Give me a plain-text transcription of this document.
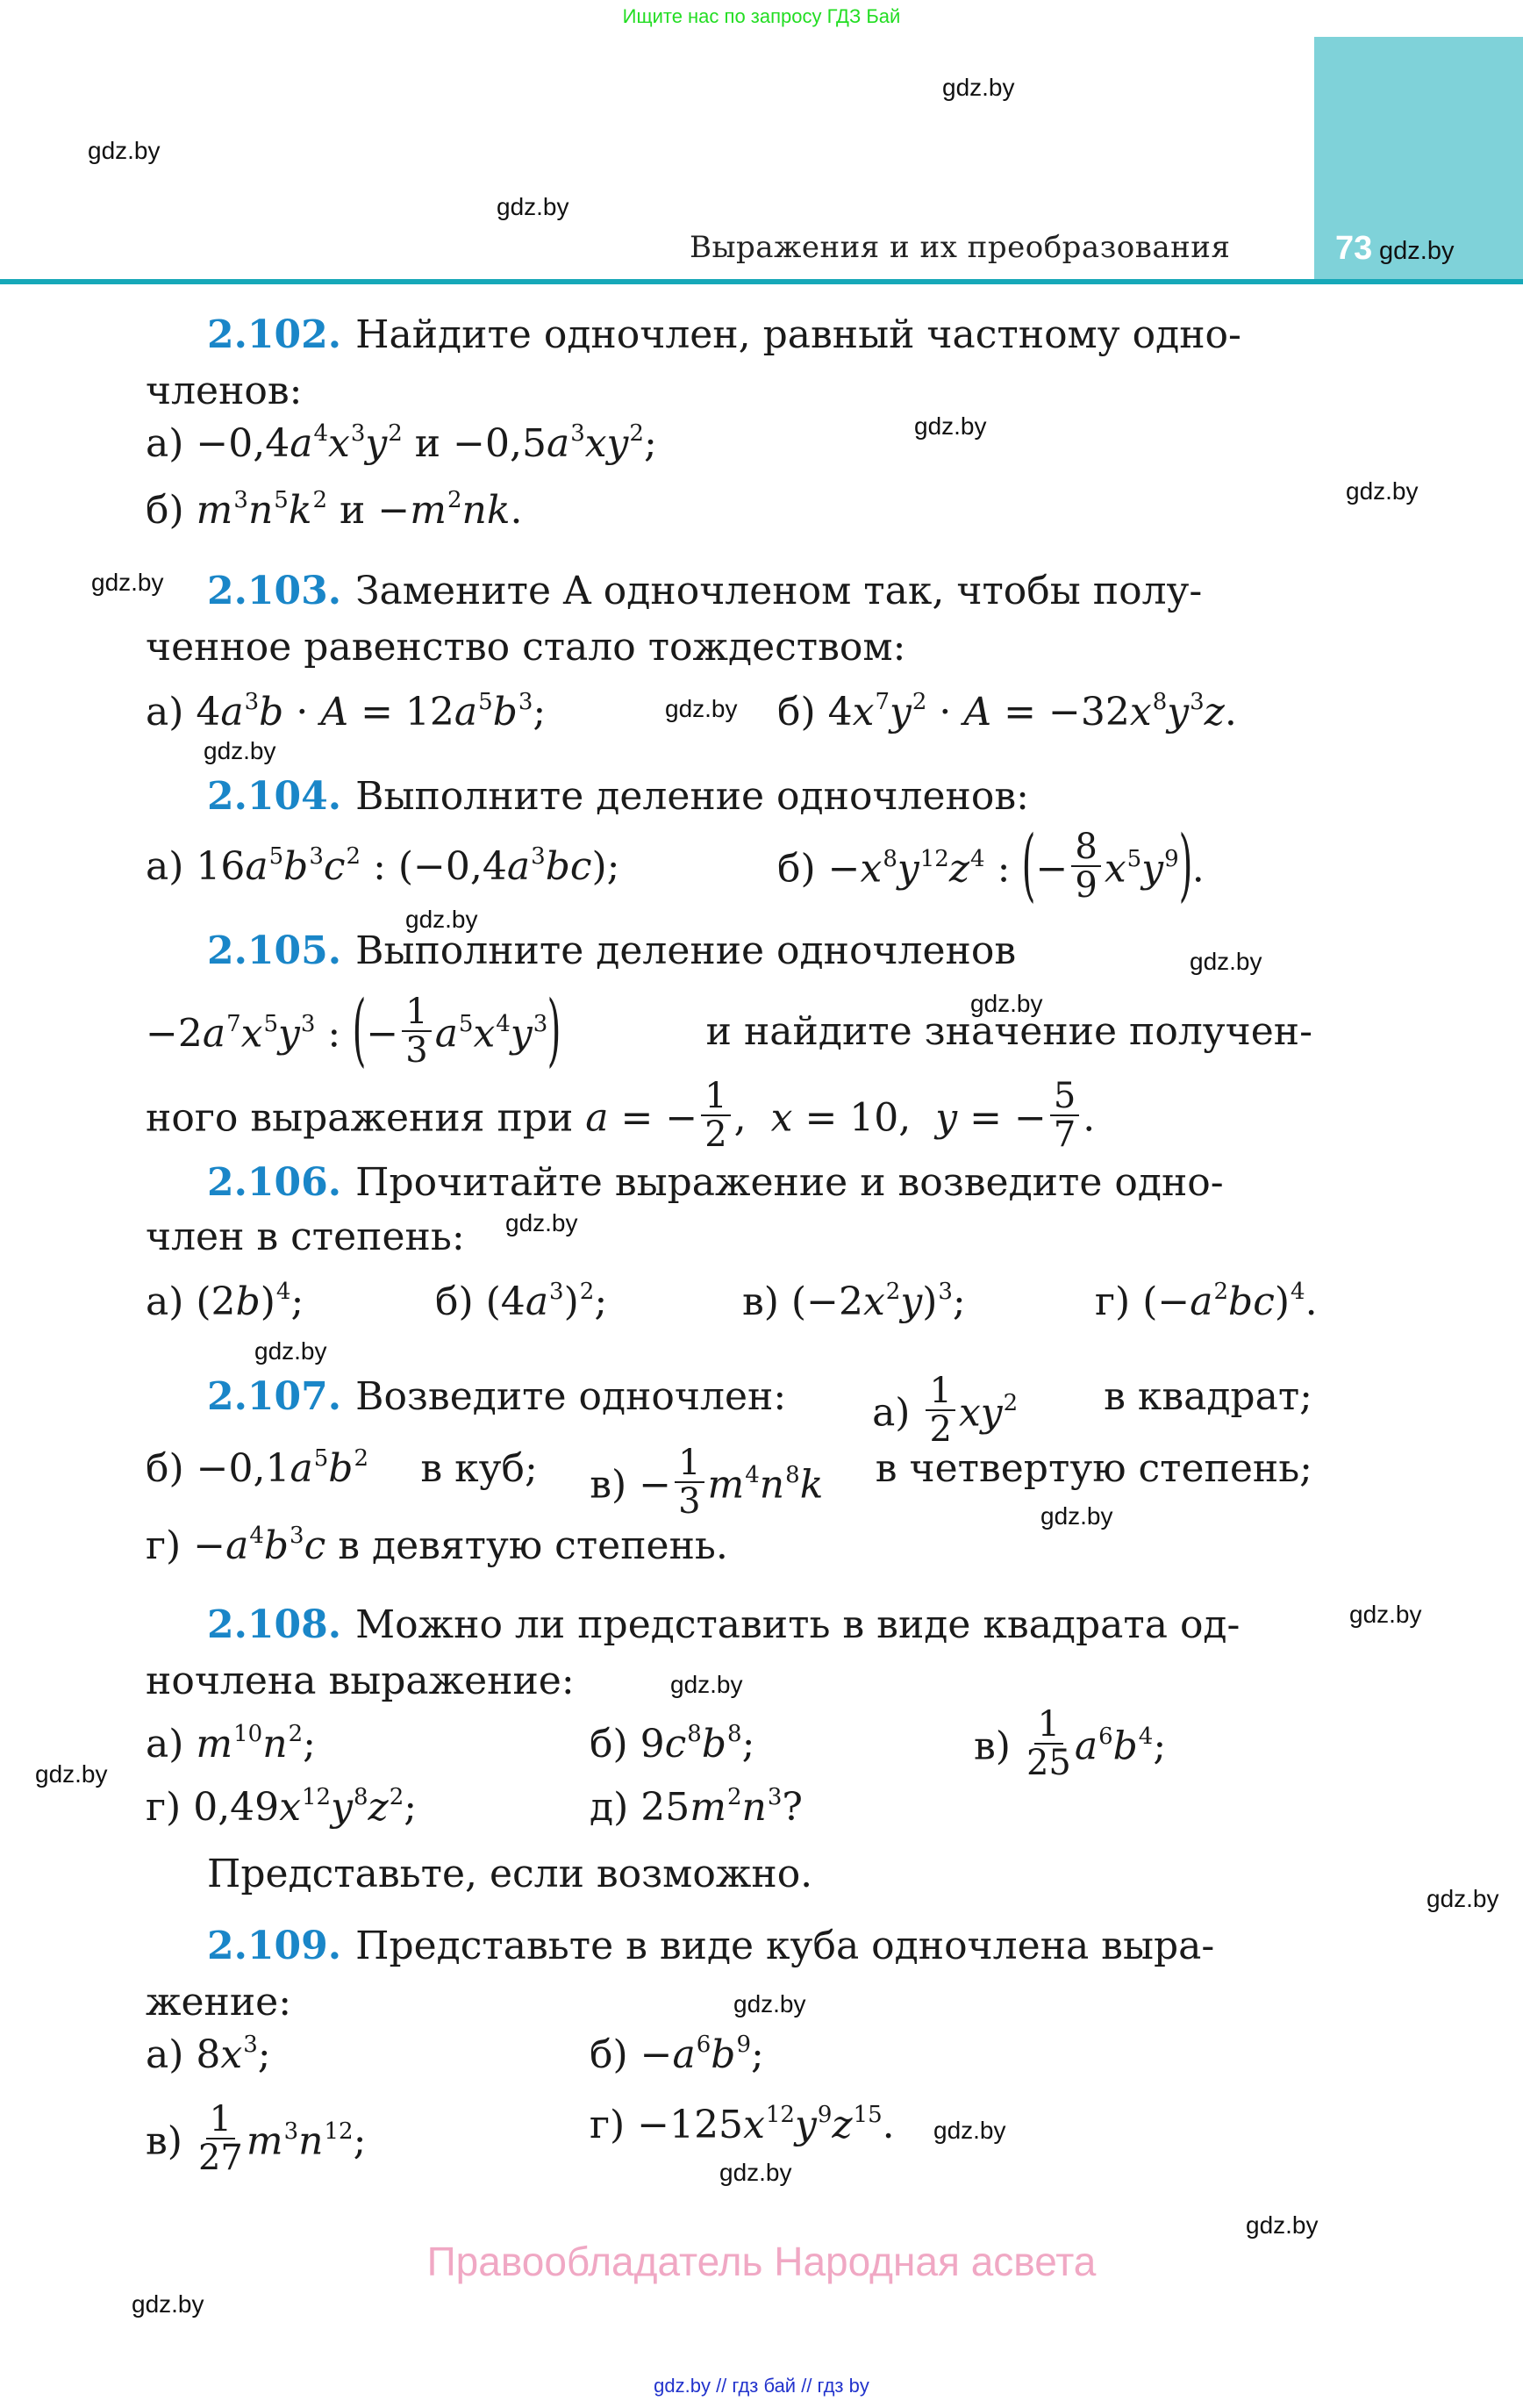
Ищите нас по запросу ГДЗ Бай
73 gdz.by
Выражения и их преобразования
gdz.by
gdz.by
gdz.by
gdz.by
gdz.by
gdz.by
gdz.by
gdz.by
gdz.by
gdz.by
gdz.by
gdz.by
gdz.by
gdz.by
gdz.by
gdz.by
gdz.by
gdz.by
gdz.by
gdz.by
gdz.by
gdz.by
gdz.by
2.102. Найдите одночлен, равный частному одно-
членов:
$а) -0,4a^4x^3y^2$ $и -0,5a^3xy^2$;
б) $m^3n^5k^2$ $и -m^2nk$.
2.103. Замените A одночленом так, чтобы полу-
ченное равенство стало тождеством:
а) $4a^3b \cdot A = 12a^5b^3$;	б) $4x^7y^2 \cdot A = -32x^8y^3z$.
2.104. Выполните деление одночленов:
а) $16a^5b^3c^2$ : $(-0,4a^3bc)$;	$б) -x^8y^{12}z^4$ : (− $\frac{8}{9} x^5y^9$).
2.105. Выполните деление одночленов
$-2a^7x^5y^3$ : (− $\frac{1}{3} a^5x^4y^3$)	и найдите значение получен-
ного выражения при a = − $\frac{1}{2}$ ,  x = 10,  y = − $\frac{5}{7}$ .
2.106. Прочитайте выражение и возведите одно-
член в степень:
а) $(2b)^4$;	б) $(4a^3)^2$;	в) $(-2x^2y)^3$;	г) $(-a^2bc)^4$.
2.107. Возведите одночлен: $а) \frac{1}{2} xy^2$ в квадрат;
$б) -0,1a^5b^2$ в куб; $в) - \frac{1}{3} m^4n^8k$ в четвертую степень;
$г) -a^4b^3c$ в девятую степень.
2.108. Можно ли представить в виде квадрата од-
ночлена выражение:
а) $m^{10}n^2$;	б) $9c^8b^8$;	$в) \frac{1}{25} a^6b^4$;
г) $0,49x^{12}y^8z^2$;	д) $25m^2n^3$?
Представьте, если возможно.
2.109. Представьте в виде куба одночлена выра-
жение:
а) $8x^3$;	$б) -a^6b^9$;
$в) \frac{1}{27} m^3n^{12}$;	$г) -125x^{12}y^9z^{15}$.
Правообладатель Народная асвета
gdz.by // гдз бай // гдз by
